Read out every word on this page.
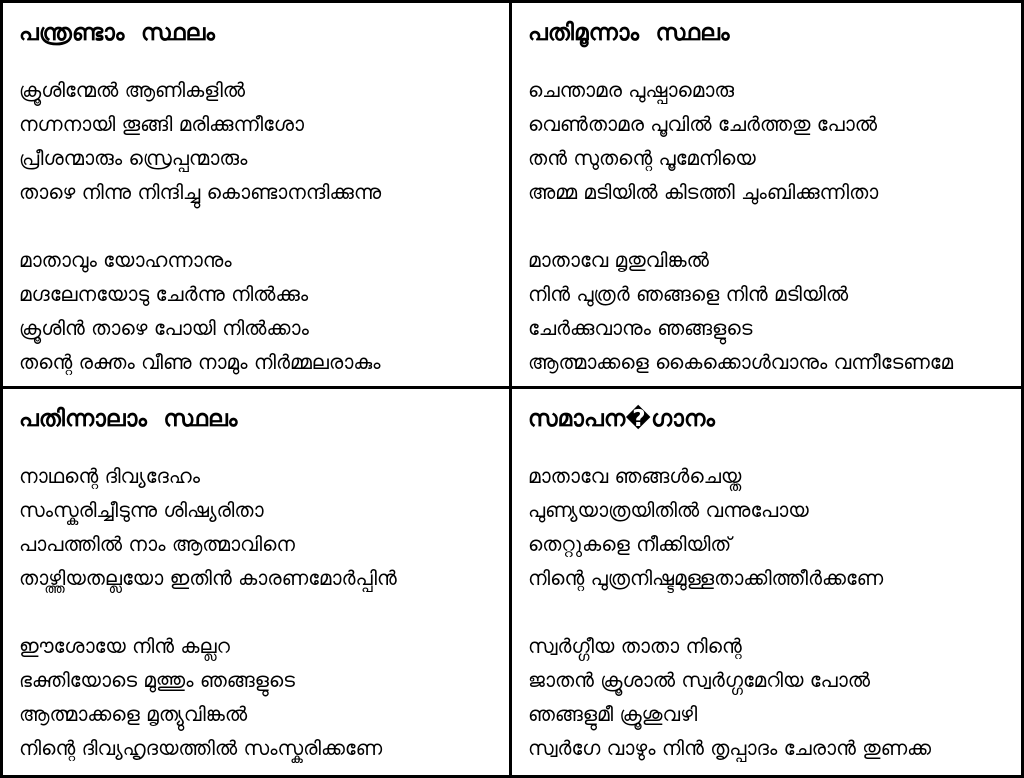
പന്ത്രണ്ടാം  സ്ഥലം

ക്രൂശിന്മേൽ ആണികളിൽ

നഗ്നനായി തൂങ്ങി മരിക്കുന്നീശോ

പ്രീശന്മാരും സ്രെപ്പന്മാരും

താഴെ നിന്നു നിന്ദിച്ചു കൊണ്ടാനന്ദിക്കുന്നു

മാതാവും യോഹന്നാനും

മഗ്ദലേനയോടു ചേർന്നു നിൽക്കും

ക്രൂശിൻ താഴെ പോയി നിൽക്കാം

തന്റെ രക്തം വീണു നാമും നിർമ്മലരാകും

പതിമൂന്നാം  സ്ഥലം

ചെന്താമര പുഷ്പാമൊരു

വെൺതാമര പൂവിൽ ചേർത്തതു പോൽ

തൻ സുതന്റെ പൂമേനിയെ

അമ്മ മടിയിൽ കിടത്തി ചുംബിക്കുന്നിതാ

മാതാവേ മൃതുവിങ്കൽ

നിൻ പുത്രർ ഞങ്ങളെ നിൻ മടിയിൽ

ചേർക്കുവാനും ഞങ്ങളുടെ

ആത്മാക്കളെ കൈക്കൊൾവാനും വന്നീടേണമേ

പതിന്നാലാം  സ്ഥലം

നാഥന്റെ ദിവ്യദേഹം

സംസ്കരിച്ചീടുന്നു ശിഷ്യരിതാ

പാപത്തിൽ നാം ആത്മാവിനെ

താഴ്ത്തിയതല്ലയോ ഇതിൻ കാരണമോർപ്പിൻ

ഈശോയേ നിൻ കല്ലറ

ഭക്തിയോടെ മുത്തും ഞങ്ങളുടെ

ആത്മാക്കളെ മൃത്യുവിങ്കൽ

നിന്റെ ദിവ്യഹൃദയത്തിൽ സംസ്കരിക്കണേ

സമാപന�ഗാനം

മാതാവേ ഞങ്ങൾചെയ്ത

പുണ്യയാത്രയിതിൽ വന്നുപോയ

തെറ്റുകളെ നീക്കിയിത്

നിന്റെ പുത്രനിഷ്ടമുള്ളതാക്കിത്തീർക്കണേ

സ്വർഗ്ഗീയ താതാ നിന്റെ

ജാതൻ ക്രൂശാൽ സ്വർഗ്ഗമേറിയ പോൽ

ഞങ്ങളുമീ ക്രൂശുവഴി

സ്വർഗേ വാഴും നിൻ തൃപ്പാദം ചേരാൻ തുണക്ക
